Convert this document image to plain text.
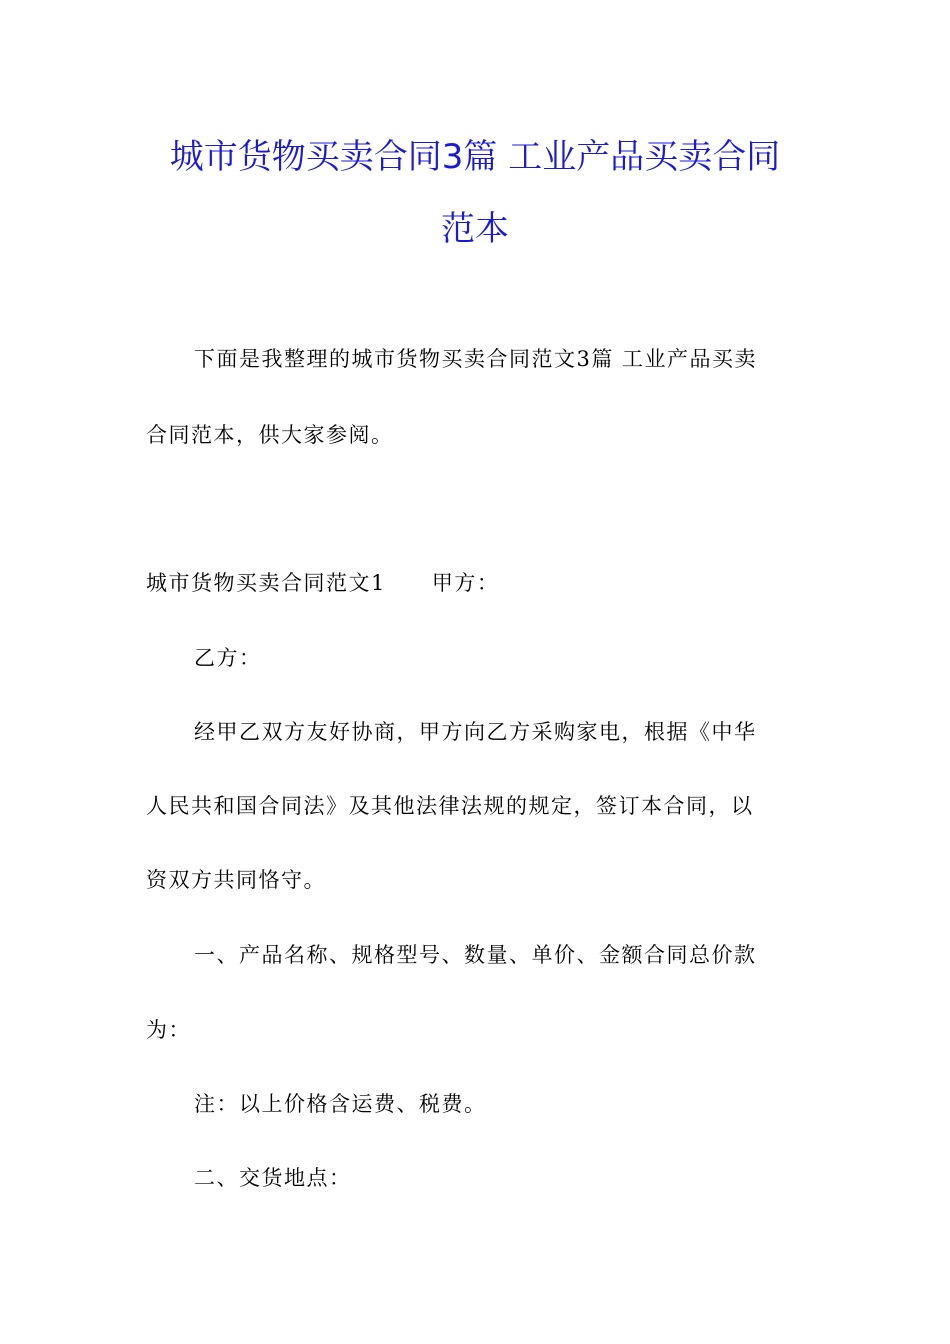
城市货物买卖合同3篇 工业产品买卖合同
范本
下面是我整理的城市货物买卖合同范文3篇 工业产品买卖
合同范本，供大家参阅。
城市货物买卖合同范文1 甲方：
乙方：
经甲乙双方友好协商，甲方向乙方采购家电，根据《中华
人民共和国合同法》及其他法律法规的规定，签订本合同，以
资双方共同恪守。
一、产品名称、规格型号、数量、单价、金额合同总价款
为：
注：以上价格含运费、税费。
二、交货地点：
